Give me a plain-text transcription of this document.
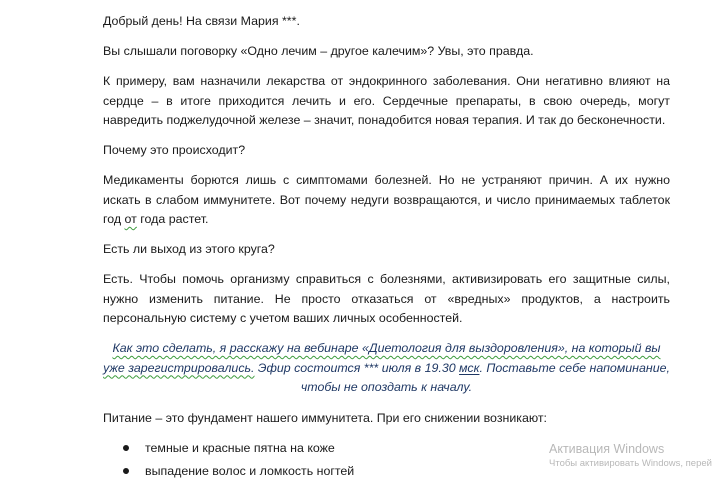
Добрый день! На связи Мария ***.

Вы слышали поговорку «Одно лечим – другое калечим»? Увы, это правда.

К примеру, вам назначили лекарства от эндокринного заболевания. Они негативно влияют на сердце – в итоге приходится лечить и его. Сердечные препараты, в свою очередь, могут навредить поджелудочной железе – значит, понадобится новая терапия. И так до бесконечности.

Почему это происходит?

Медикаменты борются лишь с симптомами болезней. Но не устраняют причин. А их нужно искать в слабом иммунитете. Вот почему недуги возвращаются, и число принимаемых таблеток год от года растет.

Есть ли выход из этого круга?

Есть. Чтобы помочь организму справиться с болезнями, активизировать его защитные силы, нужно изменить питание. Не просто отказаться от «вредных» продуктов, а настроить персональную систему с учетом ваших личных особенностей.

Как это сделать, я расскажу на вебинаре «Диетология для выздоровления», на который вы уже зарегистрировались. Эфир состоится *** июля в 19.30 мск. Поставьте себе напоминание, чтобы не опоздать к началу.

Питание – это фундамент нашего иммунитета. При его снижении возникают:

темные и красные пятна на коже
выпадение волос и ломкость ногтей
Активация Windows
Чтобы активировать Windows, перей
